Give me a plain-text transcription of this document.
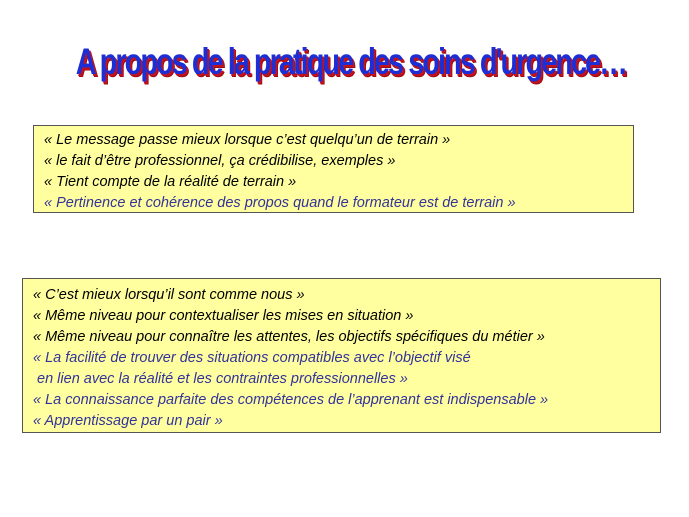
A propos de la pratique des soins d'urgence…
« Le message passe mieux lorsque c’est quelqu’un de terrain »
« le fait d’être professionnel, ça crédibilise, exemples »
« Tient compte de la réalité de terrain »
« Pertinence et cohérence des propos quand le formateur est de terrain »
« C’est mieux lorsqu’il sont comme nous »
« Même niveau pour contextualiser les mises en situation »
« Même niveau pour connaître les attentes, les objectifs spécifiques du métier »
« La facilité de trouver des situations compatibles avec l’objectif visé
en lien avec la réalité et les contraintes professionnelles »
« La connaissance parfaite des compétences de l’apprenant est indispensable »
« Apprentissage par un pair »
